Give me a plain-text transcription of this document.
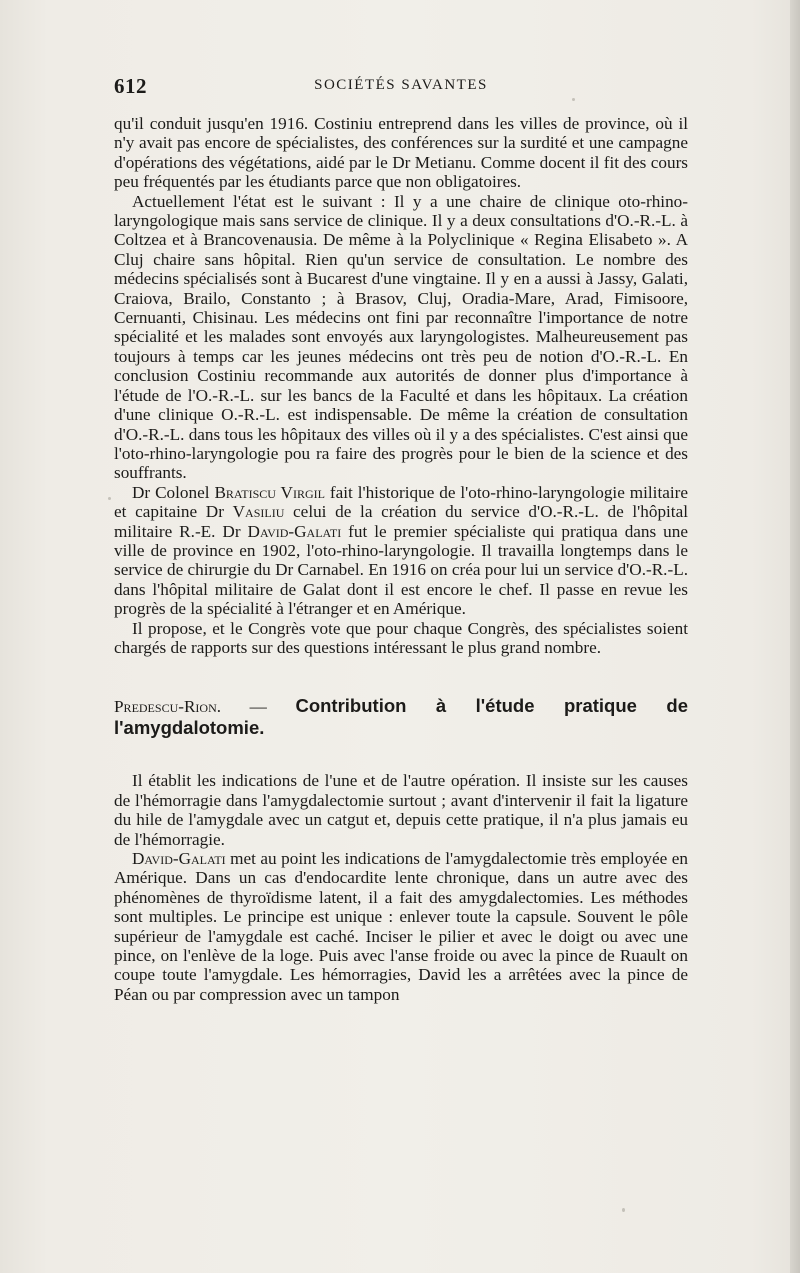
612	SOCIÉTÉS SAVANTES

qu'il conduit jusqu'en 1916. Costiniu entreprend dans les villes de province, où il n'y avait pas encore de spécialistes, des conférences sur la surdité et une campagne d'opérations des végétations, aidé par le Dr Metianu. Comme docent il fit des cours peu fréquentés par les étudiants parce que non obligatoires.

Actuellement l'état est le suivant : Il y a une chaire de clinique oto-rhino-laryngologique mais sans service de clinique. Il y a deux consultations d'O.-R.-L. à Coltzea et à Brancovenausia. De même à la Polyclinique « Regina Elisabeto ». A Cluj chaire sans hôpital. Rien qu'un service de consultation. Le nombre des médecins spécialisés sont à Bucarest d'une vingtaine. Il y en a aussi à Jassy, Galati, Craiova, Brailo, Constanto ; à Brasov, Cluj, Oradia-Mare, Arad, Fimisoore, Cernuanti, Chisinau. Les médecins ont fini par reconnaître l'importance de notre spécialité et les malades sont envoyés aux laryngologistes. Malheureusement pas toujours à temps car les jeunes médecins ont très peu de notion d'O.-R.-L. En conclusion Costiniu recommande aux autorités de donner plus d'importance à l'étude de l'O.-R.-L. sur les bancs de la Faculté et dans les hôpitaux. La création d'une clinique O.-R.-L. est indispensable. De même la création de consultation d'O.-R.-L. dans tous les hôpitaux des villes où il y a des spécialistes. C'est ainsi que l'oto-rhino-laryngologie pou ra faire des progrès pour le bien de la science et des souffrants.

Dr Colonel Bratiscu Virgil fait l'historique de l'oto-rhino-laryngologie militaire et capitaine Dr Vasiliu celui de la création du service d'O.-R.-L. de l'hôpital militaire R.-E. Dr David-Galati fut le premier spécialiste qui pratiqua dans une ville de province en 1902, l'oto-rhino-laryngologie. Il travailla longtemps dans le service de chirurgie du Dr Carnabel. En 1916 on créa pour lui un service d'O.-R.-L. dans l'hôpital militaire de Galat dont il est encore le chef. Il passe en revue les progrès de la spécialité à l'étranger et en Amérique.

Il propose, et le Congrès vote que pour chaque Congrès, des spécialistes soient chargés de rapports sur des questions intéressant le plus grand nombre.

Predescu-Rion. — Contribution à l'étude pratique de l'amygdalotomie.

Il établit les indications de l'une et de l'autre opération. Il insiste sur les causes de l'hémorragie dans l'amygdalectomie surtout ; avant d'intervenir il fait la ligature du hile de l'amygdale avec un catgut et, depuis cette pratique, il n'a plus jamais eu de l'hémorragie.

David-Galati met au point les indications de l'amygdalectomie très employée en Amérique. Dans un cas d'endocardite lente chronique, dans un autre avec des phénomènes de thyroïdisme latent, il a fait des amygdalectomies. Les méthodes sont multiples. Le principe est unique : enlever toute la capsule. Souvent le pôle supérieur de l'amygdale est caché. Inciser le pilier et avec le doigt ou avec une pince, on l'enlève de la loge. Puis avec l'anse froide ou avec la pince de Ruault on coupe toute l'amygdale. Les hémorragies, David les a arrêtées avec la pince de Péan ou par compression avec un tampon
